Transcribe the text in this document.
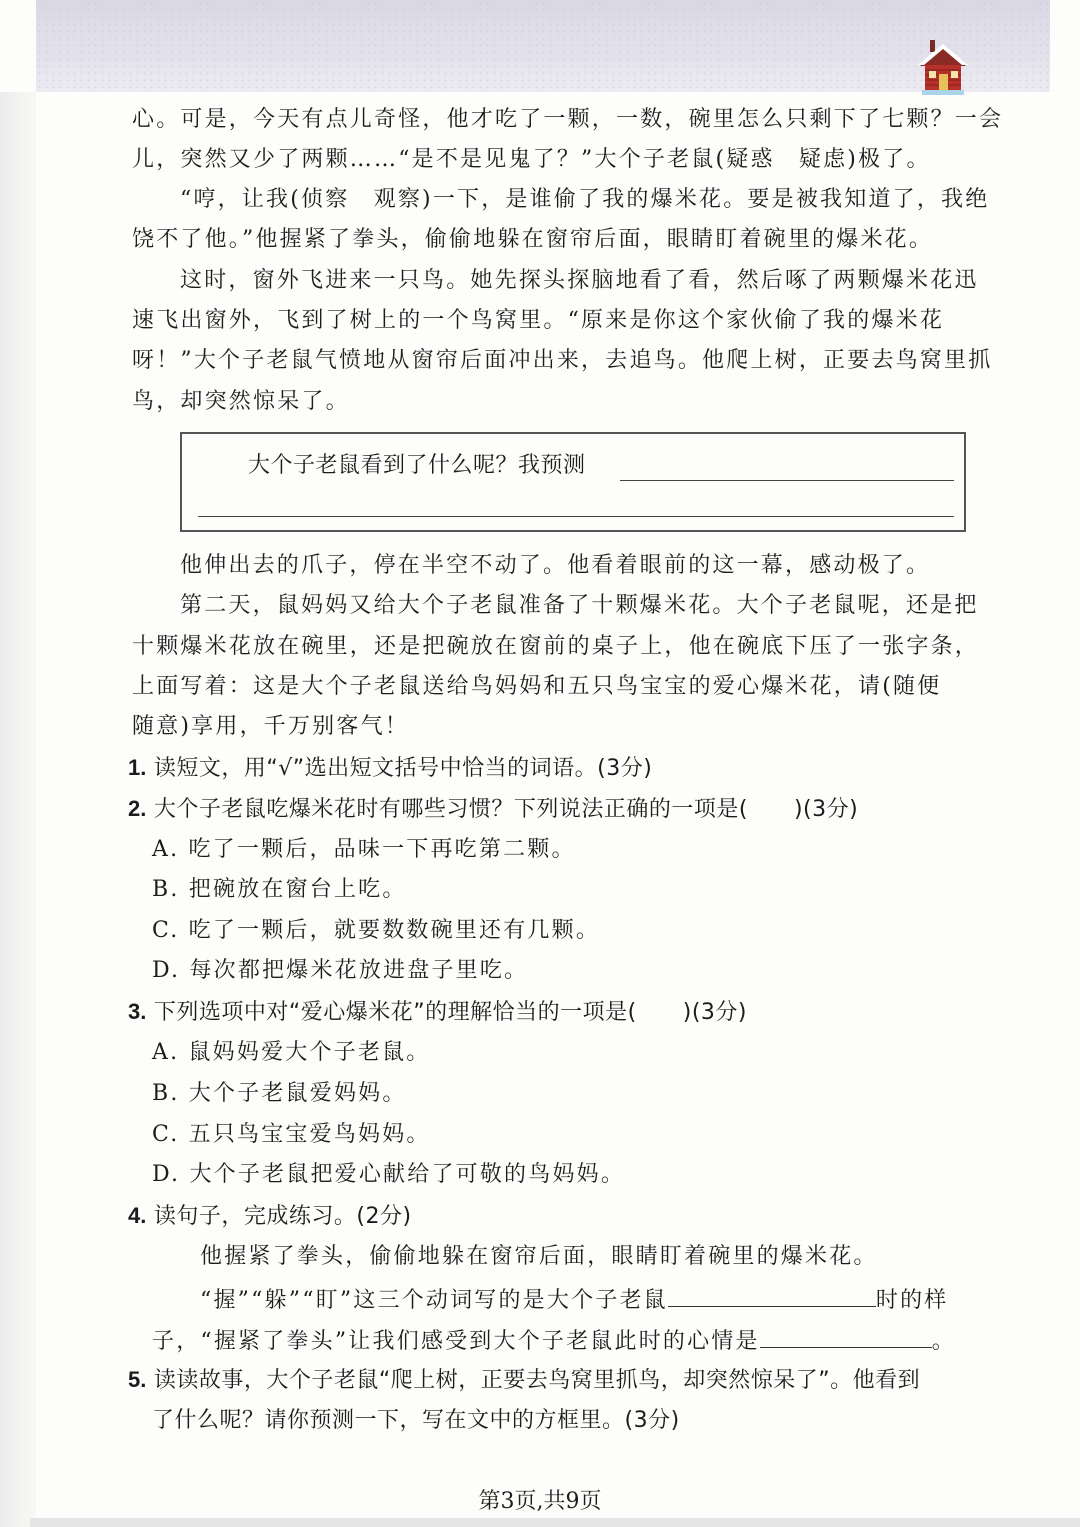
心。可是，今天有点儿奇怪，他才吃了一颗，一数，碗里怎么只剩下了七颗？一会
儿，突然又少了两颗……“是不是见鬼了？”大个子老鼠(疑惑　疑虑)极了。
“哼，让我(侦察　观察)一下，是谁偷了我的爆米花。要是被我知道了，我绝
饶不了他。”他握紧了拳头，偷偷地躲在窗帘后面，眼睛盯着碗里的爆米花。
这时，窗外飞进来一只鸟。她先探头探脑地看了看，然后啄了两颗爆米花迅
速飞出窗外，飞到了树上的一个鸟窝里。“原来是你这个家伙偷了我的爆米花
呀！”大个子老鼠气愤地从窗帘后面冲出来，去追鸟。他爬上树，正要去鸟窝里抓
鸟，却突然惊呆了。
大个子老鼠看到了什么呢？我预测
他伸出去的爪子，停在半空不动了。他看着眼前的这一幕，感动极了。
第二天，鼠妈妈又给大个子老鼠准备了十颗爆米花。大个子老鼠呢，还是把
十颗爆米花放在碗里，还是把碗放在窗前的桌子上，他在碗底下压了一张字条，
上面写着：这是大个子老鼠送给鸟妈妈和五只鸟宝宝的爱心爆米花，请(随便
随意)享用，千万别客气！
1. 读短文，用“√”选出短文括号中恰当的词语。(3分)
2. 大个子老鼠吃爆米花时有哪些习惯？下列说法正确的一项是( )(3分)
A. 吃了一颗后，品味一下再吃第二颗。
B. 把碗放在窗台上吃。
C. 吃了一颗后，就要数数碗里还有几颗。
D. 每次都把爆米花放进盘子里吃。
3. 下列选项中对“爱心爆米花”的理解恰当的一项是( )(3分)
A. 鼠妈妈爱大个子老鼠。
B. 大个子老鼠爱妈妈。
C. 五只鸟宝宝爱鸟妈妈。
D. 大个子老鼠把爱心献给了可敬的鸟妈妈。
4. 读句子，完成练习。(2分)
他握紧了拳头，偷偷地躲在窗帘后面，眼睛盯着碗里的爆米花。
“握”“躲”“盯”这三个动词写的是大个子老鼠	时的样
子，“握紧了拳头”让我们感受到大个子老鼠此时的心情是	。
5. 读读故事，大个子老鼠“爬上树，正要去鸟窝里抓鸟，却突然惊呆了”。他看到
了什么呢？请你预测一下，写在文中的方框里。(3分)
第3页,共9页
